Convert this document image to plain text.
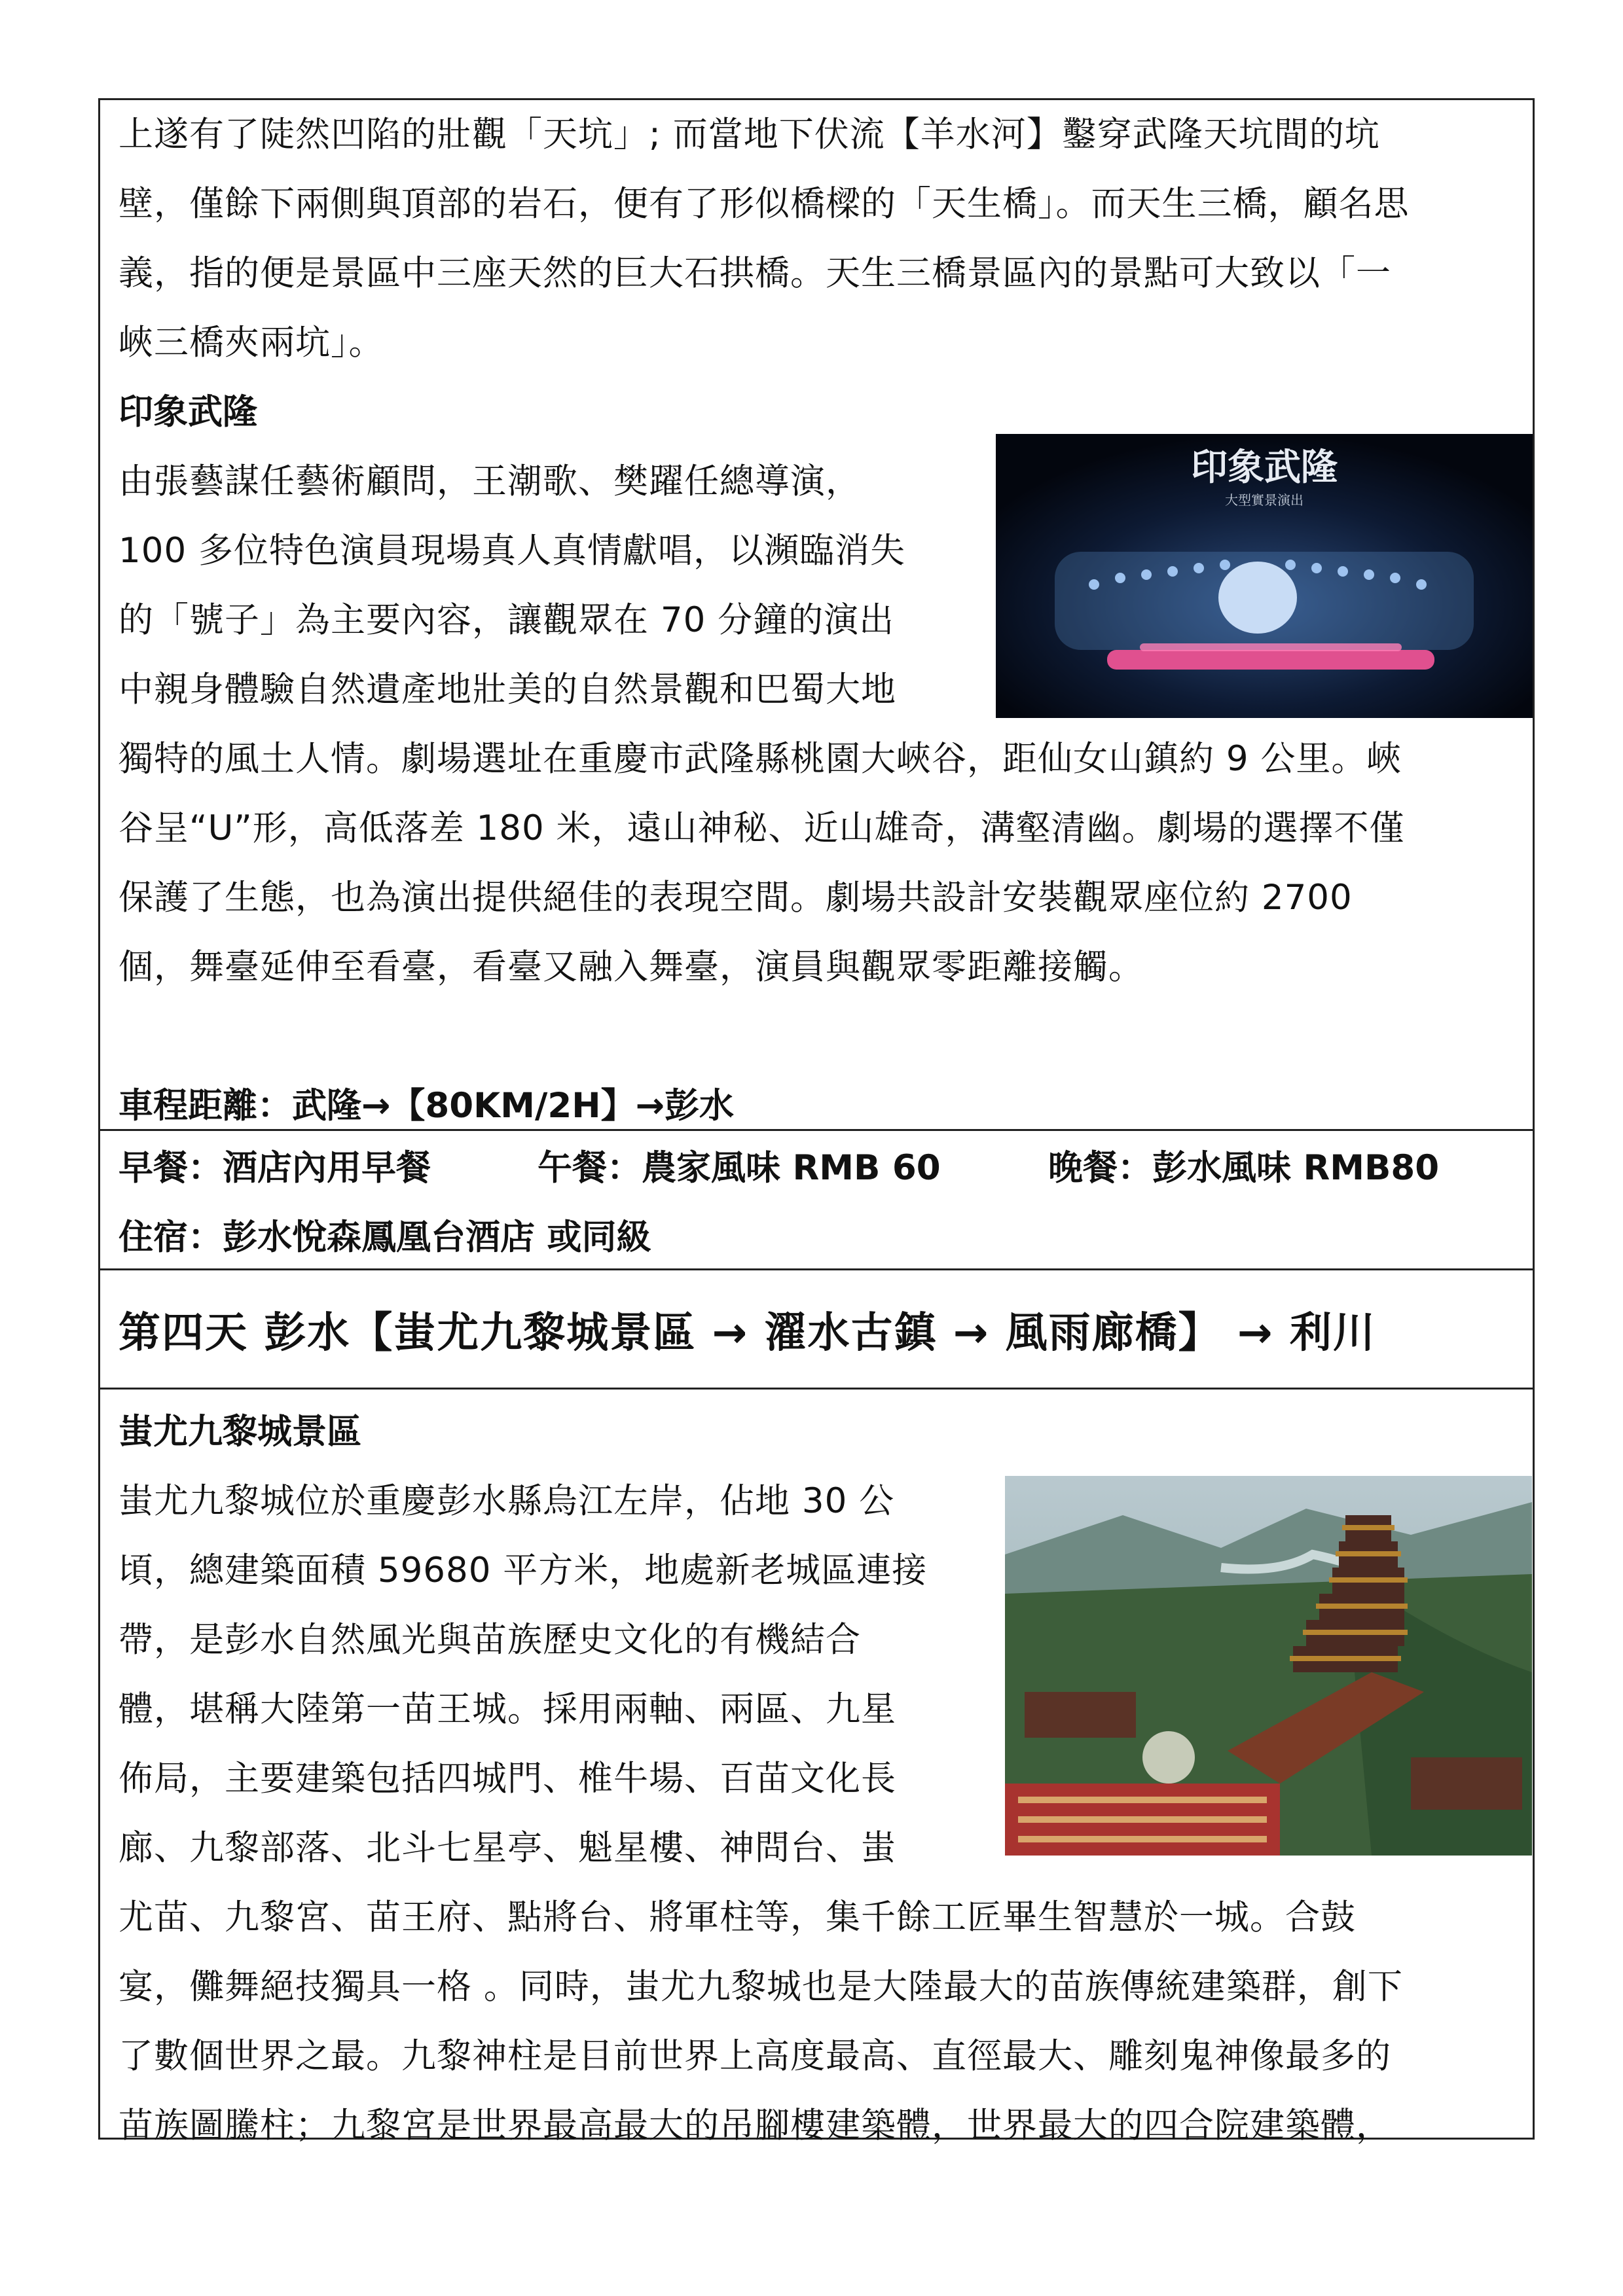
上遂有了陡然凹陷的壯觀「天坑」; 而當地下伏流【羊水河】鑿穿武隆天坑間的坑

壁，僅餘下兩側與頂部的岩石，便有了形似橋樑的「天生橋」。而天生三橋，顧名思

義，指的便是景區中三座天然的巨大石拱橋。天生三橋景區內的景點可大致以「一

峽三橋夾兩坑」。

印象武隆

由張藝謀任藝術顧問，王潮歌、樊躍任總導演，

100 多位特色演員現場真人真情獻唱，以瀕臨消失

的「號子」為主要內容，讓觀眾在 70 分鐘的演出

中親身體驗自然遺產地壯美的自然景觀和巴蜀大地

獨特的風土人情。劇場選址在重慶市武隆縣桃園大峽谷，距仙女山鎮約 9 公里。峽

谷呈“U”形，高低落差 180 米，遠山神秘、近山雄奇，溝壑清幽。劇場的選擇不僅

保護了生態，也為演出提供絕佳的表現空間。劇場共設計安裝觀眾座位約 2700

個，舞臺延伸至看臺，看臺又融入舞臺，演員與觀眾零距離接觸。

車程距離：武隆→【80KM/2H】→彭水
印象武隆
大型實景演出
早餐：酒店內用早餐	午餐：農家風味 RMB 60	晚餐：彭水風味 RMB80
住宿：彭水悅森鳳凰台酒店 或同級
第四天 彭水【蚩尤九黎城景區 → 濯水古鎮 → 風雨廊橋】 → 利川
蚩尤九黎城景區

蚩尤九黎城位於重慶彭水縣烏江左岸，佔地 30 公

頃，總建築面積 59680 平方米，地處新老城區連接

帶，是彭水自然風光與苗族歷史文化的有機結合

體，堪稱大陸第一苗王城。採用兩軸、兩區、九星

佈局，主要建築包括四城門、椎牛場、百苗文化長

廊、九黎部落、北斗七星亭、魁星樓、神問台、蚩

尤苗、九黎宮、苗王府、點將台、將軍柱等，集千餘工匠畢生智慧於一城。合鼓

宴，儺舞絕技獨具一格 。同時，蚩尤九黎城也是大陸最大的苗族傳統建築群，創下

了數個世界之最。九黎神柱是目前世界上高度最高、直徑最大、雕刻鬼神像最多的

苗族圖騰柱；九黎宮是世界最高最大的吊腳樓建築體，世界最大的四合院建築體，
